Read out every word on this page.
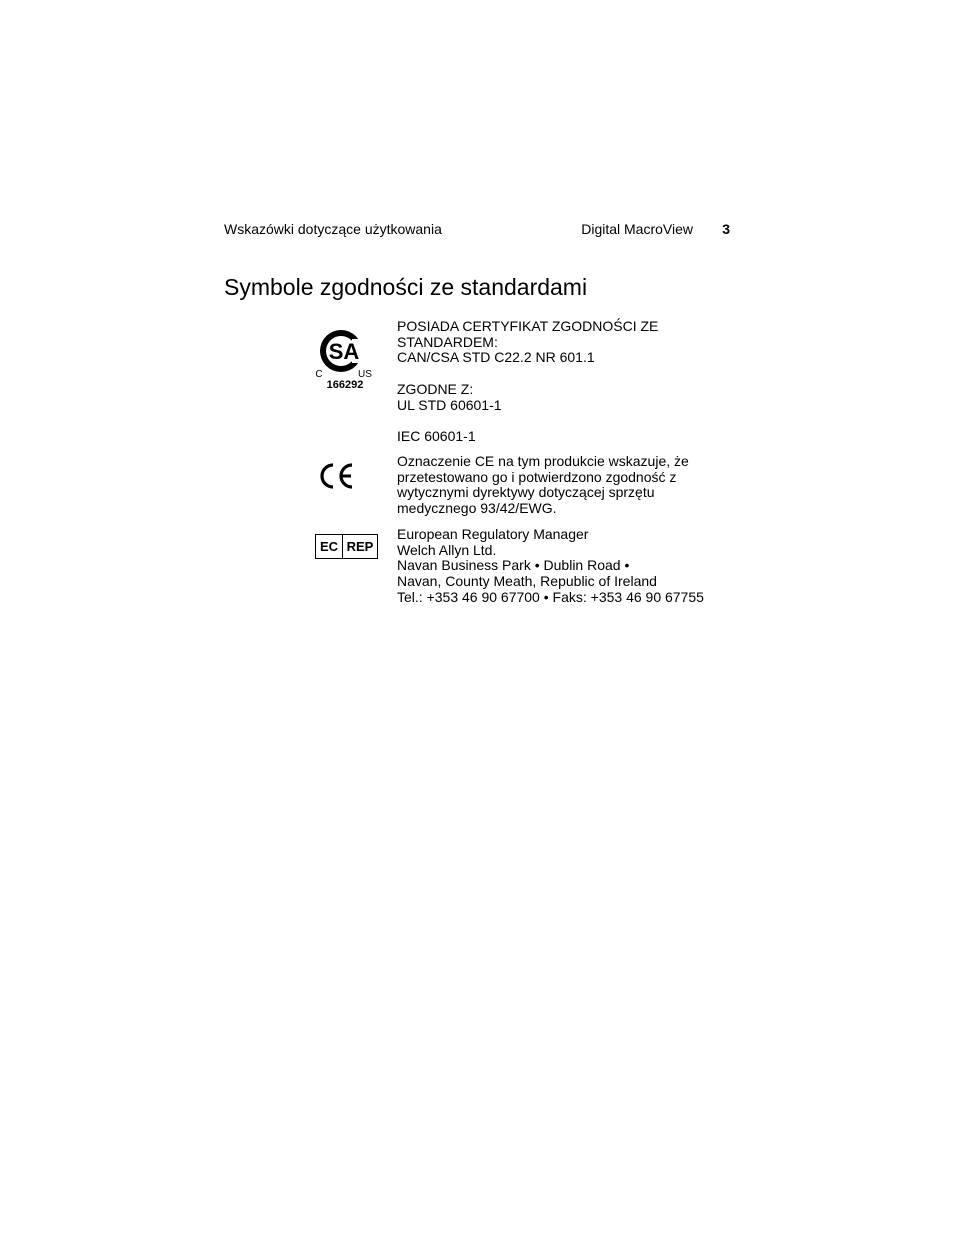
Wskazówki dotyczące użytkowania	Digital MacroView 3
Symbole zgodności ze standardami
SA
C	US
166292
POSIADA CERTYFIKAT ZGODNOŚCI ZE
STANDARDEM:
CAN/CSA STD C22.2 NR 601.1
ZGODNE Z:
UL STD 60601-1
IEC 60601-1
Oznaczenie CE na tym produkcie wskazuje, że
przetestowano go i potwierdzono zgodność z
wytycznymi dyrektywy dotyczącej sprzętu
medycznego 93/42/EWG.
EC REP
European Regulatory Manager
Welch Allyn Ltd.
Navan Business Park • Dublin Road •
Navan, County Meath, Republic of Ireland
Tel.: +353 46 90 67700 • Faks: +353 46 90 67755
